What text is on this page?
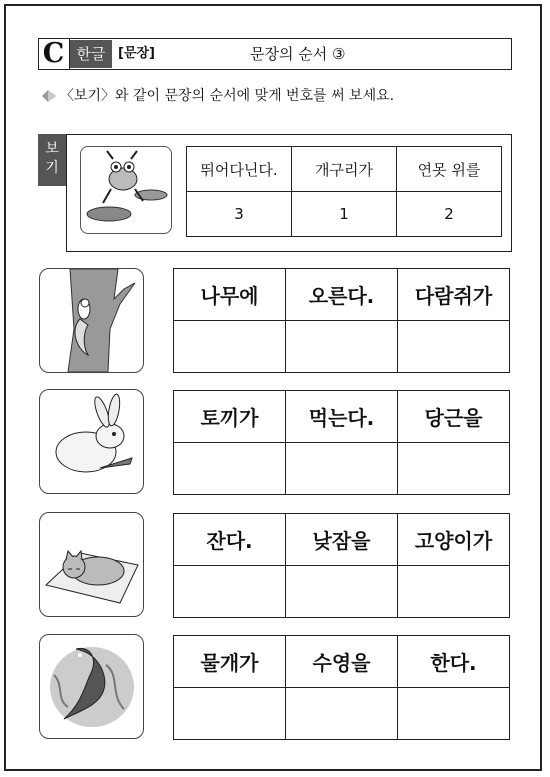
C 한글 [문장]	문장의 순서 ③
〈보기〉와 같이 문장의 순서에 맞게 번호를 써 보세요.
보기	뛰어다닌다.	개구리가	연못 위를
3	1	2
나무에	오른다.	다람쥐가

토끼가	먹는다.	당근을

잔다.	낮잠을	고양이가

물개가	수영을	한다.
